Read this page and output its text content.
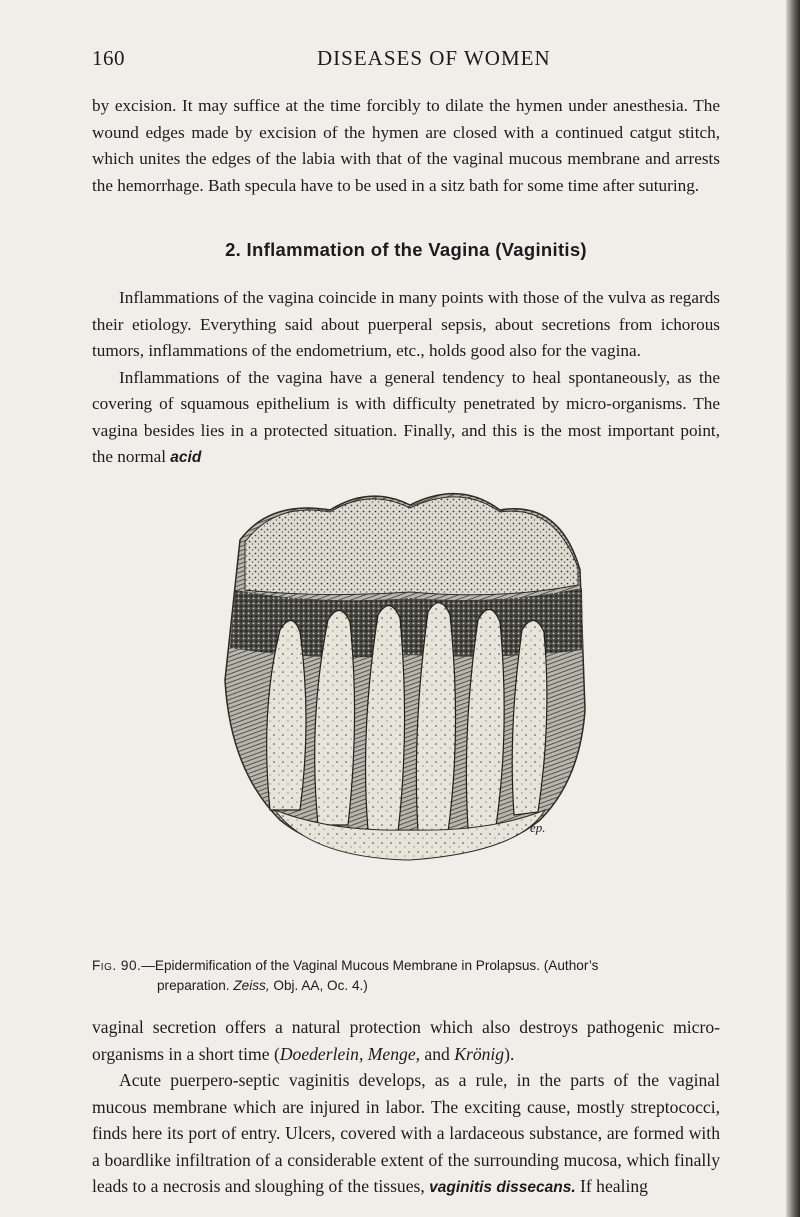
160	DISEASES OF WOMEN

by excision. It may suffice at the time forcibly to dilate the hymen under anesthesia. The wound edges made by excision of the hymen are closed with a continued catgut stitch, which unites the edges of the labia with that of the vaginal mucous membrane and arrests the hemorrhage. Bath specula have to be used in a sitz bath for some time after suturing.

2. Inflammation of the Vagina (Vaginitis)

Inflammations of the vagina coincide in many points with those of the vulva as regards their etiology. Everything said about puerperal sepsis, about secretions from ichorous tumors, inflammations of the endometrium, etc., holds good also for the vagina.

Inflammations of the vagina have a general tendency to heal spontaneously, as the covering of squamous epithelium is with difficulty penetrated by micro-organisms. The vagina besides lies in a protected situation. Finally, and this is the most important point, the normal acid

ep.
Fig. 90.—Epidermification of the Vaginal Mucous Membrane in Prolapsus. (Author’s
preparation. Zeiss, Obj. AA, Oc. 4.)

vaginal secretion offers a natural protection which also destroys pathogenic micro-organisms in a short time (Doederlein, Menge, and Krönig).

Acute puerpero-septic vaginitis develops, as a rule, in the parts of the vaginal mucous membrane which are injured in labor. The exciting cause, mostly streptococci, finds here its port of entry. Ulcers, covered with a lardaceous substance, are formed with a boardlike infiltration of a considerable extent of the surrounding mucosa, which finally leads to a necrosis and sloughing of the tissues, vaginitis dissecans. If healing
